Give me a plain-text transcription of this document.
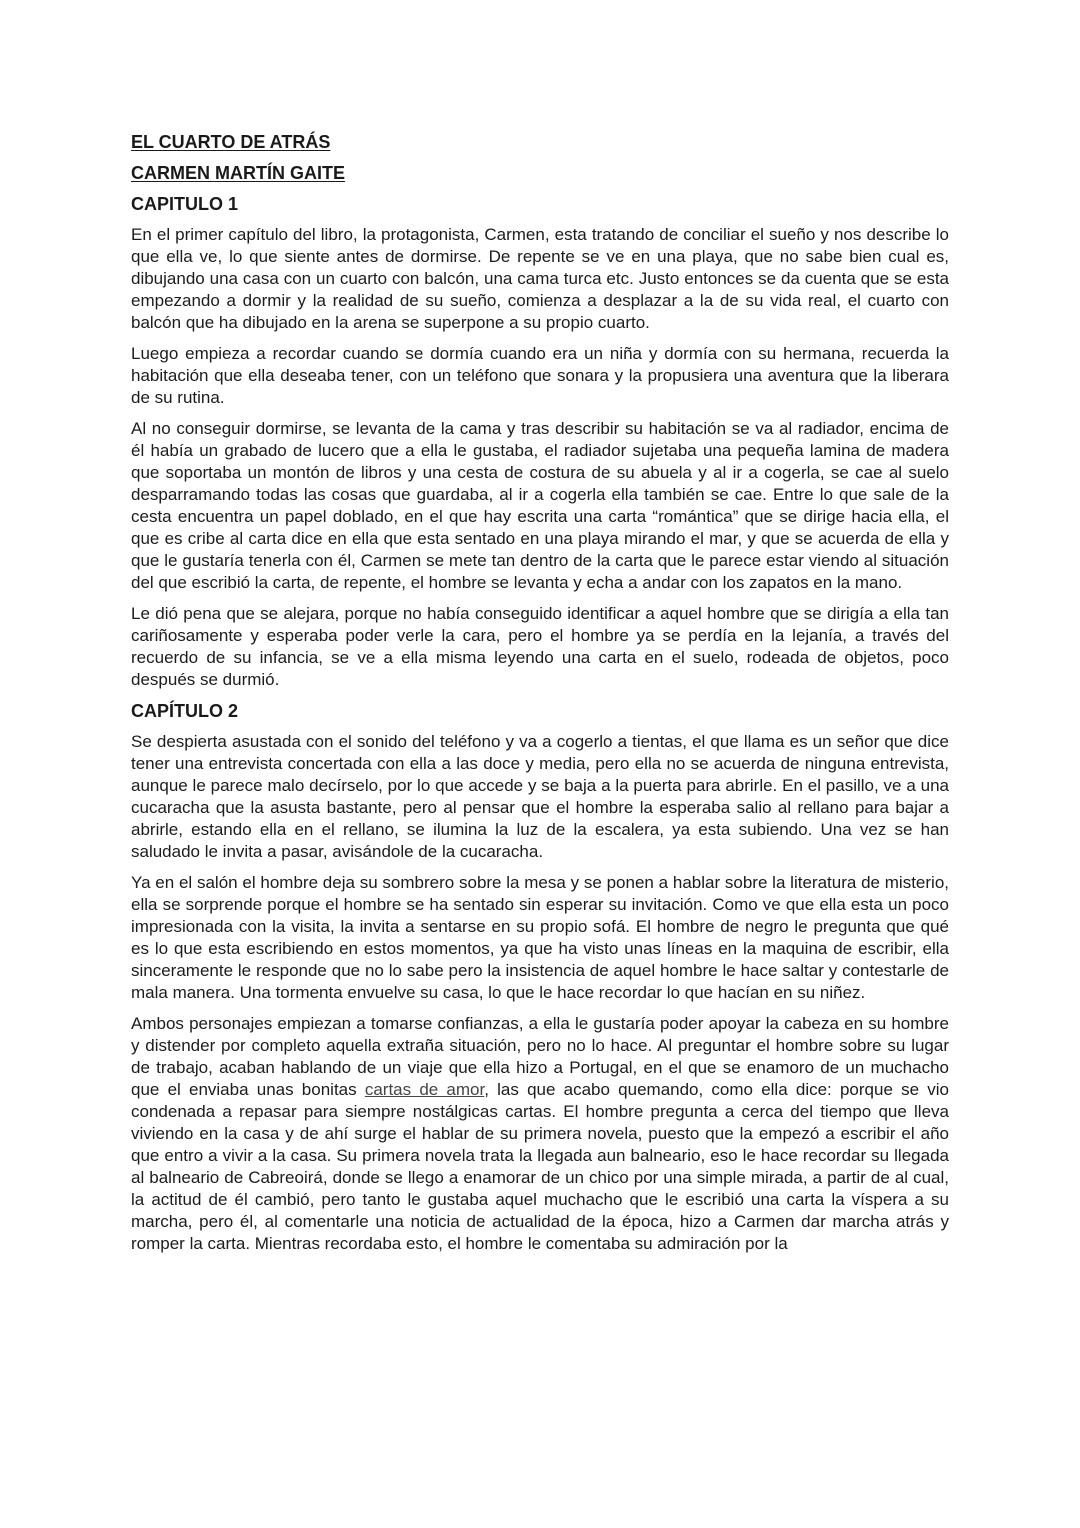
EL CUARTO DE ATRÁS
CARMEN MARTÍN GAITE
CAPITULO 1

En el primer capítulo del libro, la protagonista, Carmen, esta tratando de conciliar el sueño y nos describe lo que ella ve, lo que siente antes de dormirse. De repente se ve en una playa, que no sabe bien cual es, dibujando una casa con un cuarto con balcón, una cama turca etc. Justo entonces se da cuenta que se esta empezando a dormir y la realidad de su sueño, comienza a desplazar a la de su vida real, el cuarto con balcón que ha dibujado en la arena se superpone a su propio cuarto.

Luego empieza a recordar cuando se dormía cuando era un niña y dormía con su hermana, recuerda la habitación que ella deseaba tener, con un teléfono que sonara y la propusiera una aventura que la liberara de su rutina.

Al no conseguir dormirse, se levanta de la cama y tras describir su habitación se va al radiador, encima de él había un grabado de lucero que a ella le gustaba, el radiador sujetaba una pequeña lamina de madera que soportaba un montón de libros y una cesta de costura de su abuela y al ir a cogerla, se cae al suelo desparramando todas las cosas que guardaba, al ir a cogerla ella también se cae. Entre lo que sale de la cesta encuentra un papel doblado, en el que hay escrita una carta “romántica” que se dirige hacia ella, el que es cribe al carta dice en ella que esta sentado en una playa mirando el mar, y que se acuerda de ella y que le gustaría tenerla con él, Carmen se mete tan dentro de la carta que le parece estar viendo al situación del que escribió la carta, de repente, el hombre se levanta y echa a andar con los zapatos en la mano.

Le dió pena que se alejara, porque no había conseguido identificar a aquel hombre que se dirigía a ella tan cariñosamente y esperaba poder verle la cara, pero el hombre ya se perdía en la lejanía, a través del recuerdo de su infancia, se ve a ella misma leyendo una carta en el suelo, rodeada de objetos, poco después se durmió.

CAPÍTULO 2

Se despierta asustada con el sonido del teléfono y va a cogerlo a tientas, el que llama es un señor que dice tener una entrevista concertada con ella a las doce y media, pero ella no se acuerda de ninguna entrevista, aunque le parece malo decírselo, por lo que accede y se baja a la puerta para abrirle. En el pasillo, ve a una cucaracha que la asusta bastante, pero al pensar que el hombre la esperaba salio al rellano para bajar a abrirle, estando ella en el rellano, se ilumina la luz de la escalera, ya esta subiendo. Una vez se han saludado le invita a pasar, avisándole de la cucaracha.

Ya en el salón el hombre deja su sombrero sobre la mesa y se ponen a hablar sobre la literatura de misterio, ella se sorprende porque el hombre se ha sentado sin esperar su invitación. Como ve que ella esta un poco impresionada con la visita, la invita a sentarse en su propio sofá. El hombre de negro le pregunta que qué es lo que esta escribiendo en estos momentos, ya que ha visto unas líneas en la maquina de escribir, ella sinceramente le responde que no lo sabe pero la insistencia de aquel hombre le hace saltar y contestarle de mala manera. Una tormenta envuelve su casa, lo que le hace recordar lo que hacían en su niñez.

Ambos personajes empiezan a tomarse confianzas, a ella le gustaría poder apoyar la cabeza en su hombre y distender por completo aquella extraña situación, pero no lo hace. Al preguntar el hombre sobre su lugar de trabajo, acaban hablando de un viaje que ella hizo a Portugal, en el que se enamoro de un muchacho que el enviaba unas bonitas cartas de amor, las que acabo quemando, como ella dice: porque se vio condenada a repasar para siempre nostálgicas cartas. El hombre pregunta a cerca del tiempo que lleva viviendo en la casa y de ahí surge el hablar de su primera novela, puesto que la empezó a escribir el año que entro a vivir a la casa. Su primera novela trata la llegada aun balneario, eso le hace recordar su llegada al balneario de Cabreoirá, donde se llego a enamorar de un chico por una simple mirada, a partir de al cual, la actitud de él cambió, pero tanto le gustaba aquel muchacho que le escribió una carta la víspera a su marcha, pero él, al comentarle una noticia de actualidad de la época, hizo a Carmen dar marcha atrás y romper la carta. Mientras recordaba esto, el hombre le comentaba su admiración por la
